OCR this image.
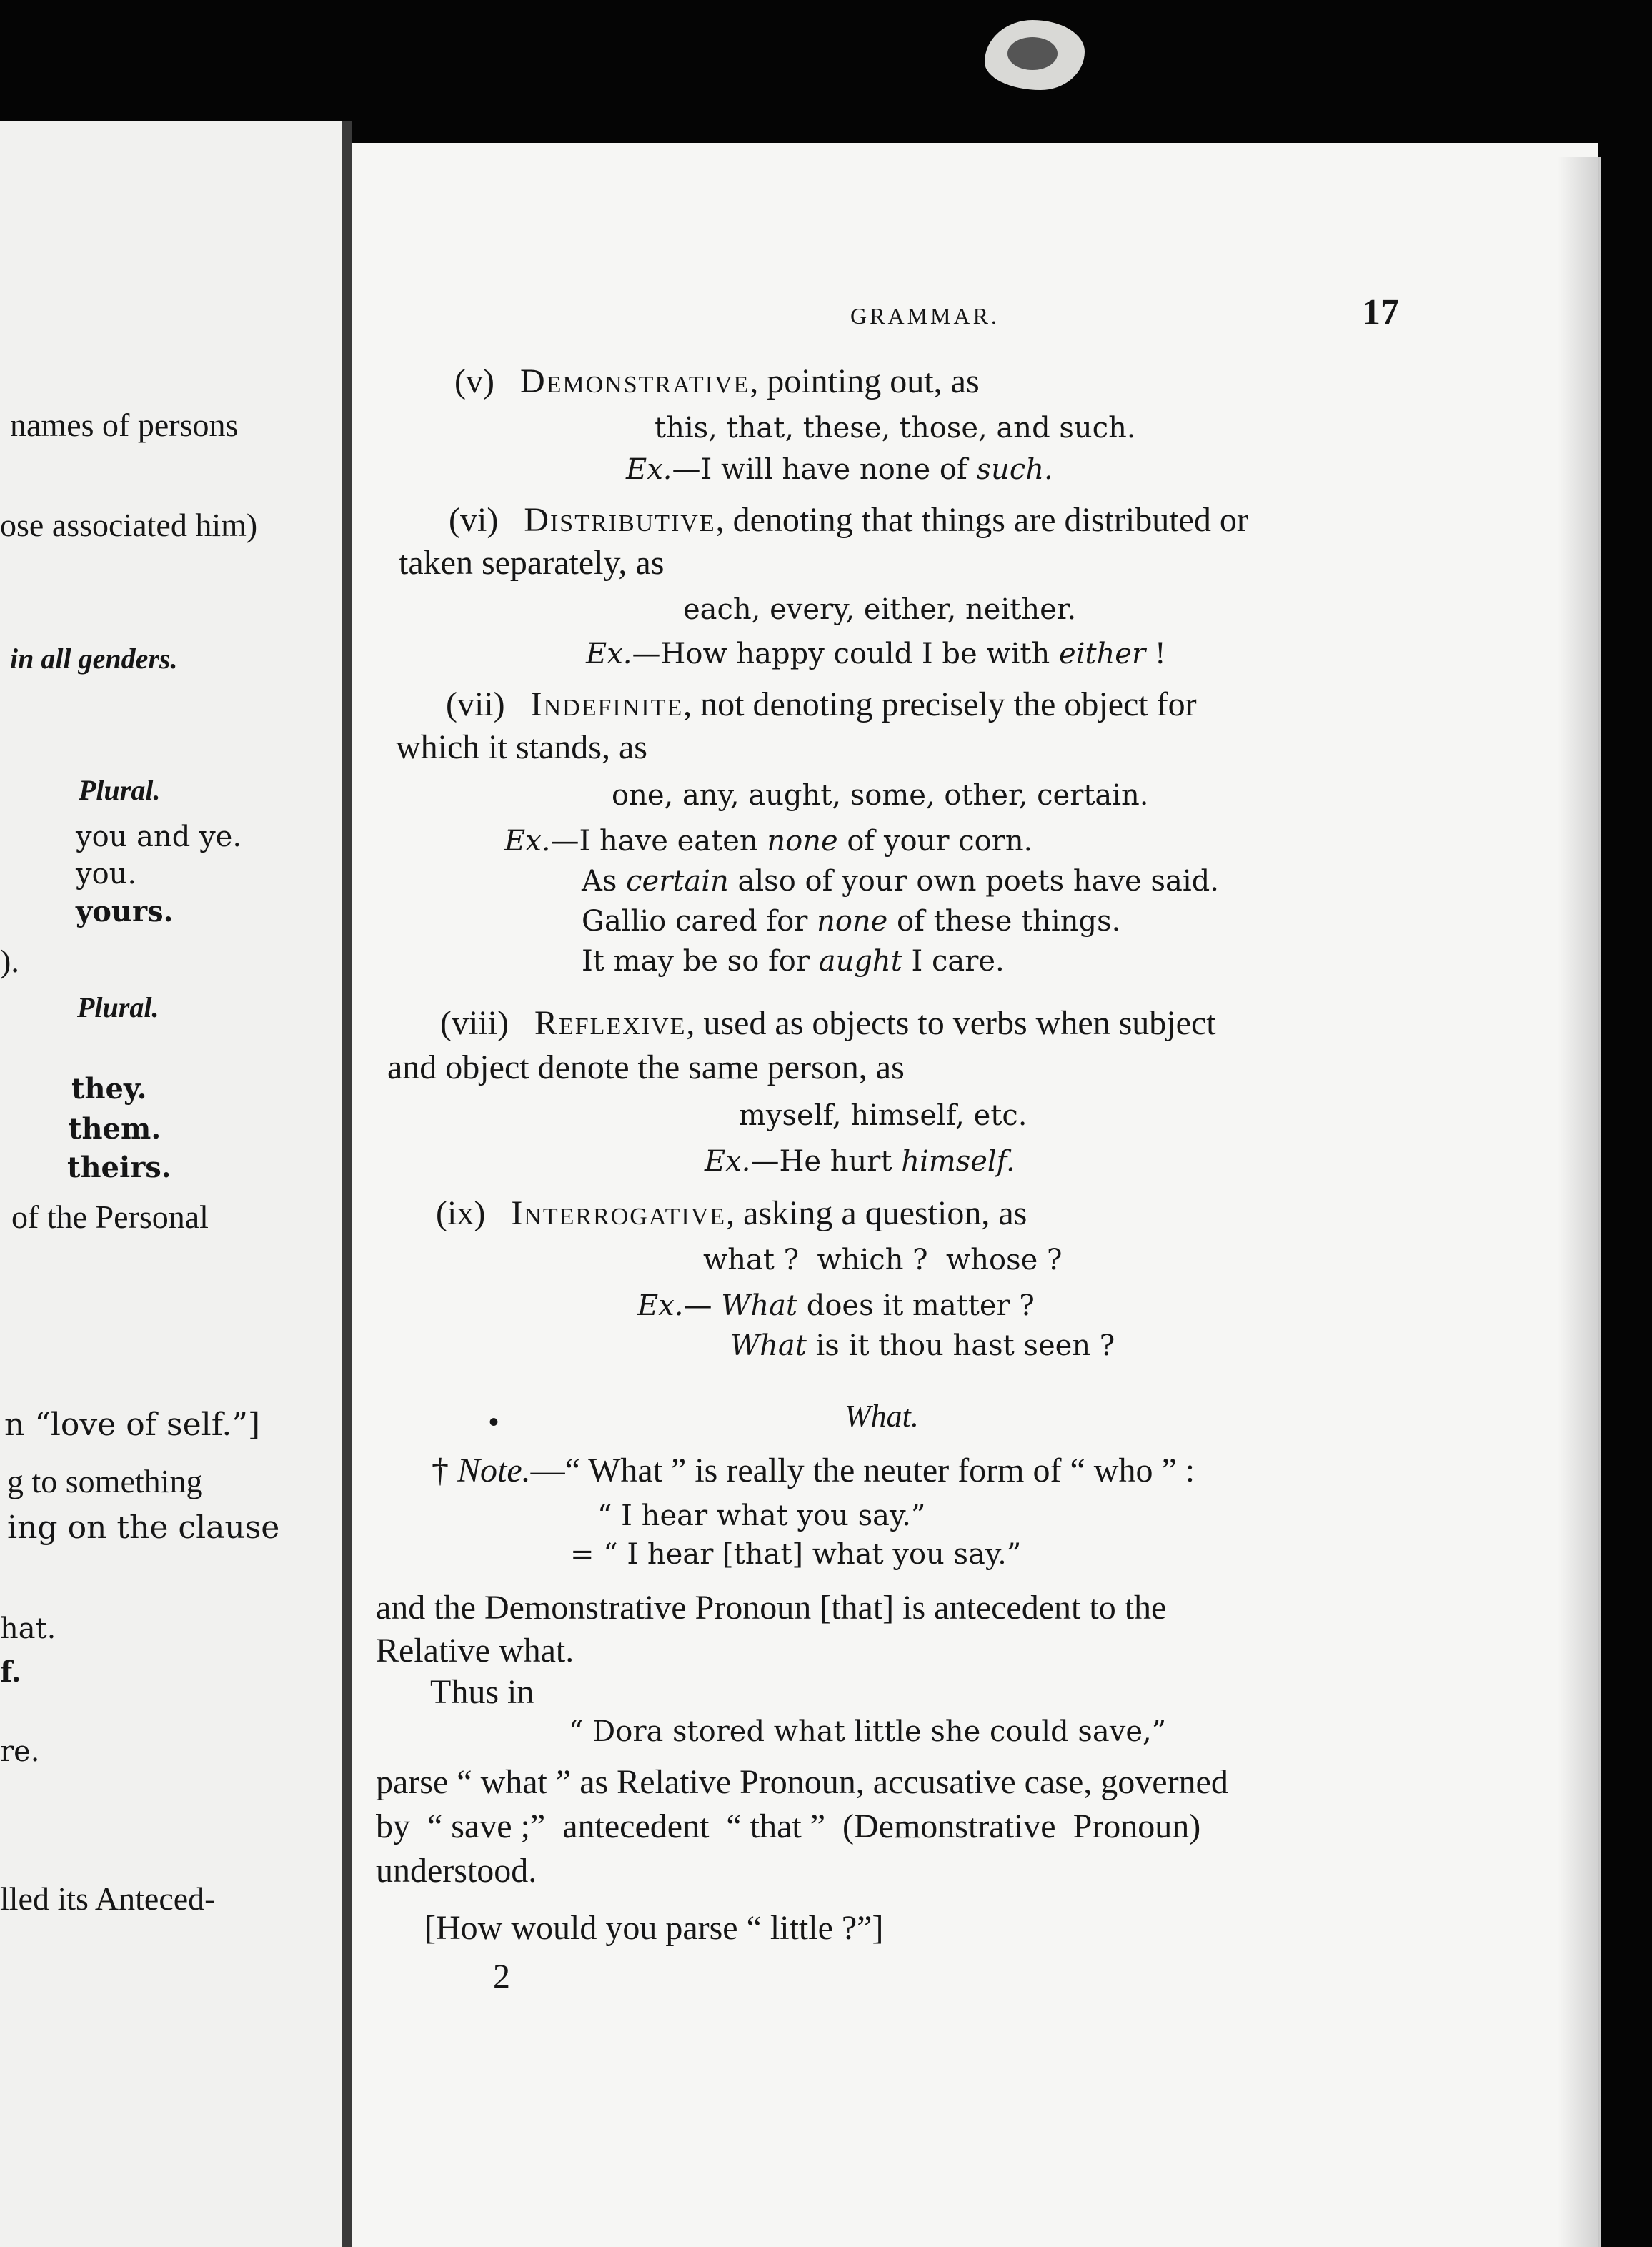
names of persons
ose associated him)
in all genders.
Plural.
you and ye.
you.
yours.
).
Plural.
they.
them.
theirs.
of the Personal
n “love of self.”]
g to something
ing on the clause
hat.
f.
re.
lled its Anteced-
GRAMMAR.	17
(v) Demonstrative, pointing out, as
this, that, these, those, and such.
Ex.—I will have none of such.
(vi) Distributive, denoting that things are distributed or
taken separately, as
each, every, either, neither.
Ex.—How happy could I be with either !
(vii) Indefinite, not denoting precisely the object for
which it stands, as
one, any, aught, some, other, certain.
Ex.—I have eaten none of your corn.
As certain also of your own poets have said.
Gallio cared for none of these things.
It may be so for aught I care.
(viii) Reflexive, used as objects to verbs when subject
and object denote the same person, as
myself, himself, etc.
Ex.—He hurt himself.
(ix) Interrogative, asking a question, as
what ?  which ?  whose ?
Ex.— What does it matter ?
What is it thou hast seen ?
•	What.
† Note.—“ What ” is really the neuter form of “ who ” :
“ I hear what you say.”
= “ I hear [that] what you say.”
and the Demonstrative Pronoun [that] is antecedent to the
Relative what.
Thus in
“ Dora stored what little she could save,”
parse “ what ” as Relative Pronoun, accusative case, governed
by  “ save ;”  antecedent  “ that ”  (Demonstrative  Pronoun)
understood.
[How would you parse “ little ?”]
2
